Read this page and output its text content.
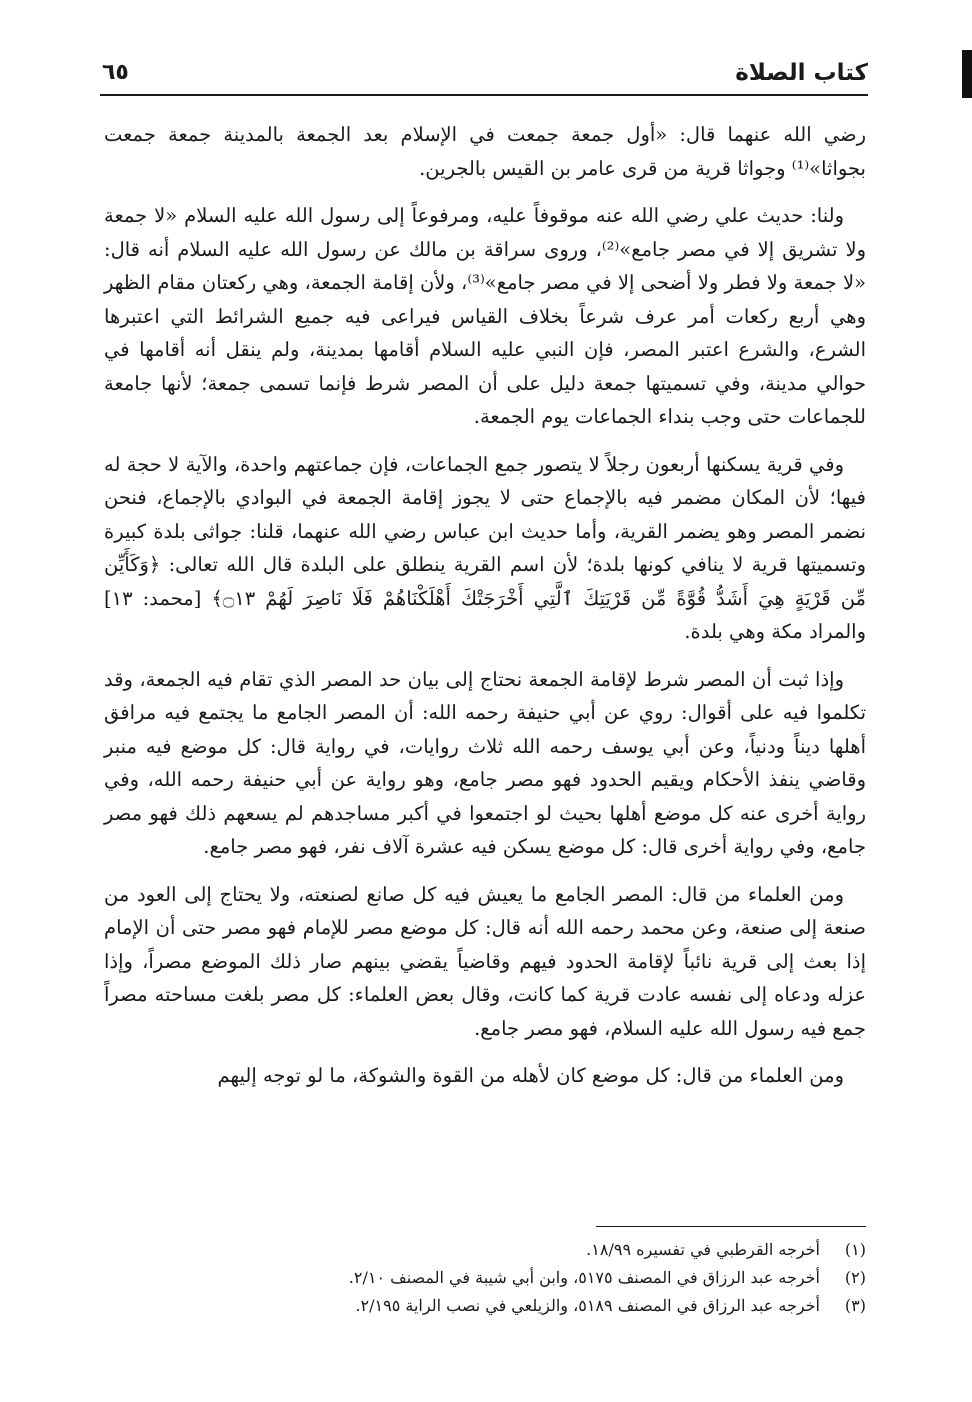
كتاب الصلاة
٦٥

رضي الله عنهما قال: «أول جمعة جمعت في الإسلام بعد الجمعة بالمدينة جمعة جمعت بجواثا»⁽¹⁾ وجواثا قرية من قرى عامر بن القيس بالجرين.

ولنا: حديث علي رضي الله عنه موقوفاً عليه، ومرفوعاً إلى رسول الله عليه السلام «لا جمعة ولا تشريق إلا في مصر جامع»⁽²⁾، وروى سراقة بن مالك عن رسول الله عليه السلام أنه قال: «لا جمعة ولا فطر ولا أضحى إلا في مصر جامع»⁽³⁾، ولأن إقامة الجمعة، وهي ركعتان مقام الظهر وهي أربع ركعات أمر عرف شرعاً بخلاف القياس فيراعى فيه جميع الشرائط التي اعتبرها الشرع، والشرع اعتبر المصر، فإن النبي عليه السلام أقامها بمدينة، ولم ينقل أنه أقامها في حوالي مدينة، وفي تسميتها جمعة دليل على أن المصر شرط فإنما تسمى جمعة؛ لأنها جامعة للجماعات حتى وجب بنداء الجماعات يوم الجمعة.

وفي قرية يسكنها أربعون رجلاً لا يتصور جمع الجماعات، فإن جماعتهم واحدة، والآية لا حجة له فيها؛ لأن المكان مضمر فيه بالإجماع حتى لا يجوز إقامة الجمعة في البوادي بالإجماع، فنحن نضمر المصر وهو يضمر القرية، وأما حديث ابن عباس رضي الله عنهما، قلنا: جواثى بلدة كبيرة وتسميتها قرية لا ينافي كونها بلدة؛ لأن اسم القرية ينطلق على البلدة قال الله تعالى: ﴿وَكَأَيِّن مِّن قَرْيَةٍ هِيَ أَشَدُّ قُوَّةً مِّن قَرْيَتِكَ ٱلَّتِي أَخْرَجَتْكَ أَهْلَكْنَاهُمْ فَلَا نَاصِرَ لَهُمْ ۝١٣﴾ [محمد: ١٣] والمراد مكة وهي بلدة.

وإذا ثبت أن المصر شرط لإقامة الجمعة نحتاج إلى بيان حد المصر الذي تقام فيه الجمعة، وقد تكلموا فيه على أقوال: روي عن أبي حنيفة رحمه الله: أن المصر الجامع ما يجتمع فيه مرافق أهلها ديناً ودنياً، وعن أبي يوسف رحمه الله ثلاث روايات، في رواية قال: كل موضع فيه منبر وقاضي ينفذ الأحكام ويقيم الحدود فهو مصر جامع، وهو رواية عن أبي حنيفة رحمه الله، وفي رواية أخرى عنه كل موضع أهلها بحيث لو اجتمعوا في أكبر مساجدهم لم يسعهم ذلك فهو مصر جامع، وفي رواية أخرى قال: كل موضع يسكن فيه عشرة آلاف نفر، فهو مصر جامع.

ومن العلماء من قال: المصر الجامع ما يعيش فيه كل صانع لصنعته، ولا يحتاج إلى العود من صنعة إلى صنعة، وعن محمد رحمه الله أنه قال: كل موضع مصر للإمام فهو مصر حتى أن الإمام إذا بعث إلى قرية نائباً لإقامة الحدود فيهم وقاضياً يقضي بينهم صار ذلك الموضع مصراً، وإذا عزله ودعاه إلى نفسه عادت قرية كما كانت، وقال بعض العلماء: كل مصر بلغت مساحته مصراً جمع فيه رسول الله عليه السلام، فهو مصر جامع.

ومن العلماء من قال: كل موضع كان لأهله من القوة والشوكة، ما لو توجه إليهم

(١)
أخرجه القرطبي في تفسيره ١٨/٩٩.
(٢)
أخرجه عبد الرزاق في المصنف ٥١٧٥، وابن أبي شيبة في المصنف ٢/١٠.
(٣)
أخرجه عبد الرزاق في المصنف ٥١٨٩، والزيلعي في نصب الراية ٢/١٩٥.
